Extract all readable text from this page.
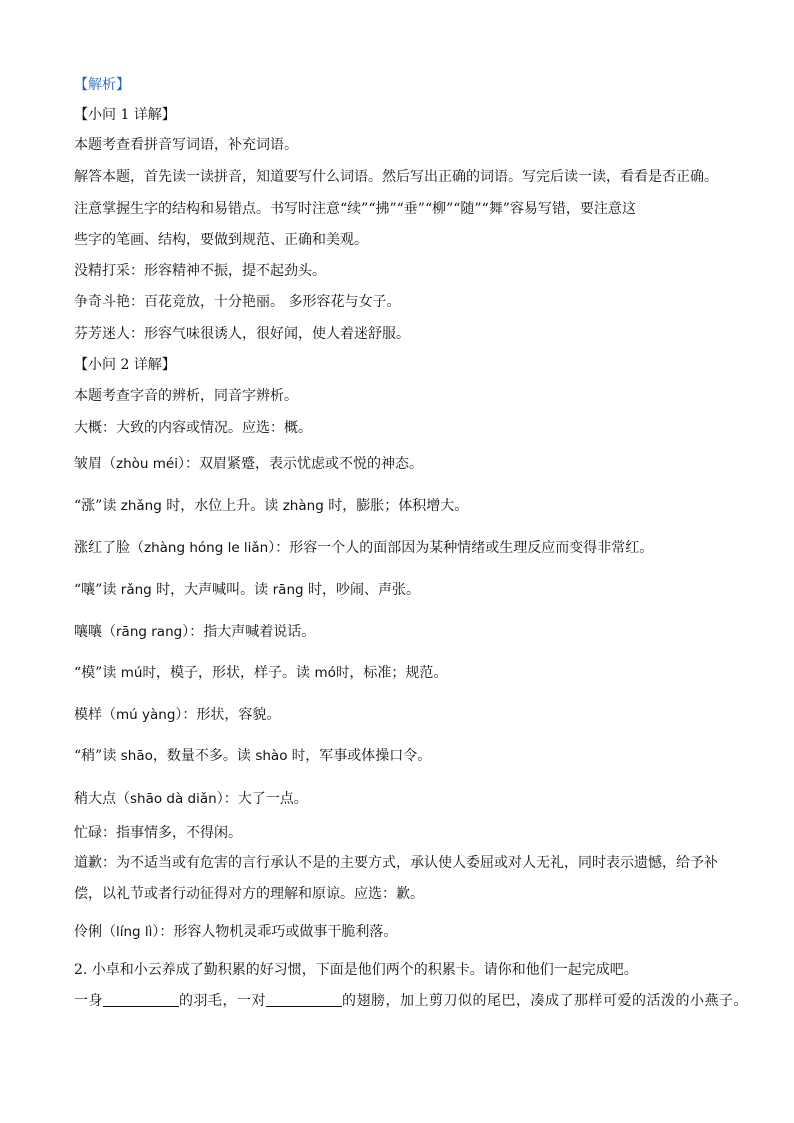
【解析】
【小问 1 详解】
本题考查看拼音写词语，补充词语。
解答本题，首先读一读拼音，知道要写什么词语。然后写出正确的词语。写完后读一读，看看是否正确。
注意掌握生字的结构和易错点。书写时注意“续”“拂”“垂”“柳”“随”“舞”容易写错，要注意这
些字的笔画、结构，要做到规范、正确和美观。
没精打采：形容精神不振，提不起劲头。
争奇斗艳：百花竞放，十分艳丽。 多形容花与女子。
芬芳迷人：形容气味很诱人，很好闻，使人着迷舒服。
【小问 2 详解】
本题考查字音的辨析，同音字辨析。
大概：大致的内容或情况。应选：概。
皱眉（zhòu méi）：双眉紧蹙，表示忧虑或不悦的神态。
“涨”读 zhǎng 时，水位上升。读 zhàng 时，膨胀；体积增大。
涨红了脸（zhàng hóng le liǎn）：形容一个人的面部因为某种情绪或生理反应而变得非常红。
“嚷”读 rǎng 时，大声喊叫。读 rāng 时，吵闹、声张。
嚷嚷（rāng rang）：指大声喊着说话。
“模”读 mú时，模子，形状，样子。读 mó时，标准；规范。
模样（mú yàng）：形状，容貌。
“稍”读 shāo，数量不多。读 shào 时，军事或体操口令。
稍大点（shāo dà diǎn）：大了一点。
忙碌：指事情多，不得闲。
道歉：为不适当或有危害的言行承认不是的主要方式，承认使人委屈或对人无礼，同时表示遗憾，给予补
偿，以礼节或者行动征得对方的理解和原谅。应选：歉。
伶俐（líng lì）：形容人物机灵乖巧或做事干脆利落。
2. 小卓和小云养成了勤积累的好习惯，下面是他们两个的积累卡。请你和他们一起完成吧。
一身	的羽毛，一对	的翅膀，加上剪刀似的尾巴，凑成了那样可爱的活泼的小燕子。
